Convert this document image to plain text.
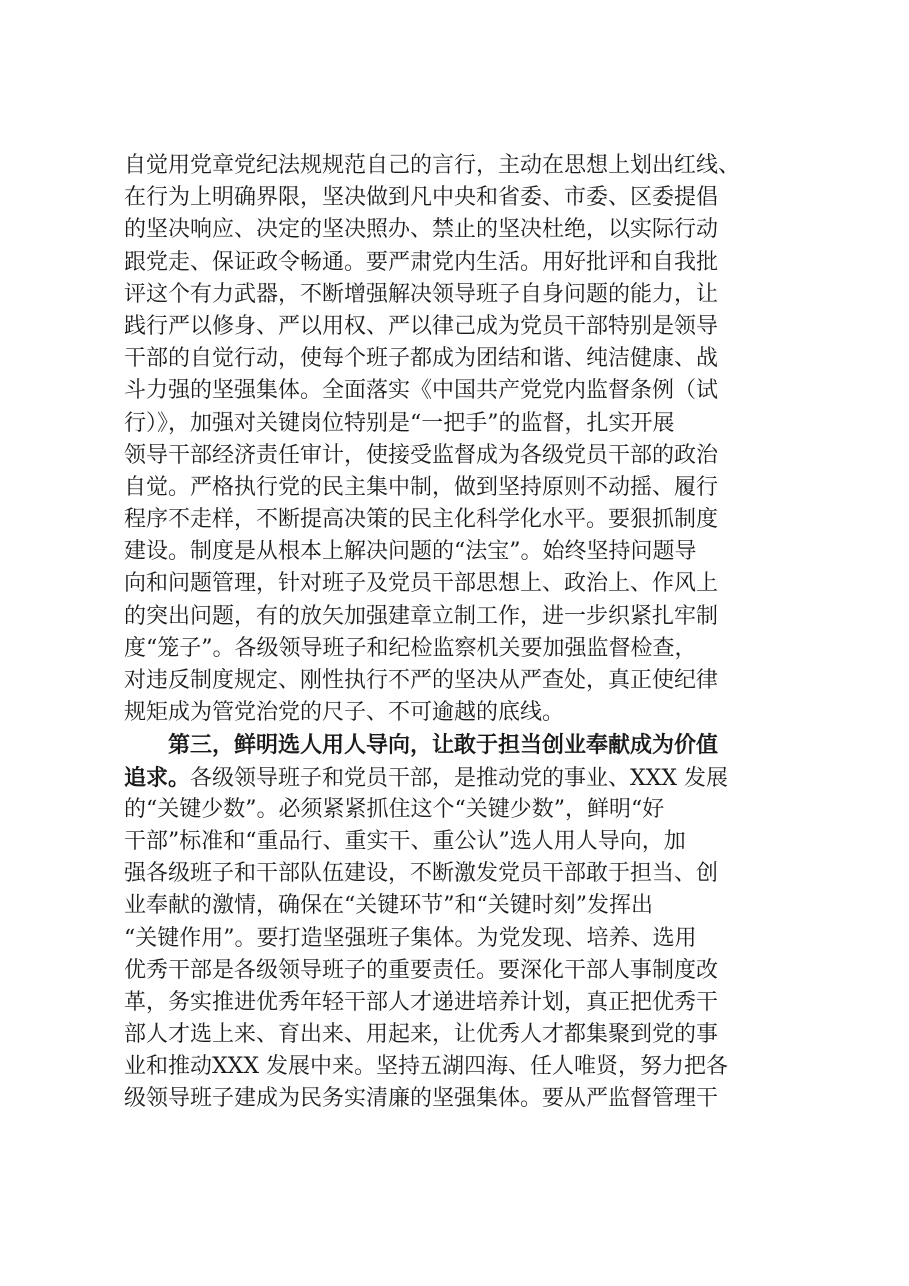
自觉用党章党纪法规规范自己的言行，主动在思想上划出红线、
在行为上明确界限，坚决做到凡中央和省委、市委、区委提倡
的坚决响应、决定的坚决照办、禁止的坚决杜绝，以实际行动
跟党走、保证政令畅通。要严肃党内生活。用好批评和自我批
评这个有力武器，不断增强解决领导班子自身问题的能力，让
践行严以修身、严以用权、严以律己成为党员干部特别是领导
干部的自觉行动，使每个班子都成为团结和谐、纯洁健康、战
斗力强的坚强集体。全面落实《中国共产党党内监督条例（试
行）》，加强对关键岗位特别是“一把手”的监督，扎实开展
领导干部经济责任审计，使接受监督成为各级党员干部的政治
自觉。严格执行党的民主集中制，做到坚持原则不动摇、履行
程序不走样，不断提高决策的民主化科学化水平。要狠抓制度
建设。制度是从根本上解决问题的“法宝”。始终坚持问题导
向和问题管理，针对班子及党员干部思想上、政治上、作风上
的突出问题，有的放矢加强建章立制工作，进一步织紧扎牢制
度“笼子”。各级领导班子和纪检监察机关要加强监督检查，
对违反制度规定、刚性执行不严的坚决从严查处，真正使纪律
规矩成为管党治党的尺子、不可逾越的底线。
第三，鲜明选人用人导向，让敢于担当创业奉献成为价值
追求。各级领导班子和党员干部，是推动党的事业、XXX 发展
的“关键少数”。必须紧紧抓住这个“关键少数”，鲜明“好
干部”标准和“重品行、重实干、重公认”选人用人导向，加
强各级班子和干部队伍建设，不断激发党员干部敢于担当、创
业奉献的激情，确保在“关键环节”和“关键时刻”发挥出
“关键作用”。要打造坚强班子集体。为党发现、培养、选用
优秀干部是各级领导班子的重要责任。要深化干部人事制度改
革，务实推进优秀年轻干部人才递进培养计划，真正把优秀干
部人才选上来、育出来、用起来，让优秀人才都集聚到党的事
业和推动XXX 发展中来。坚持五湖四海、任人唯贤，努力把各
级领导班子建成为民务实清廉的坚强集体。要从严监督管理干
